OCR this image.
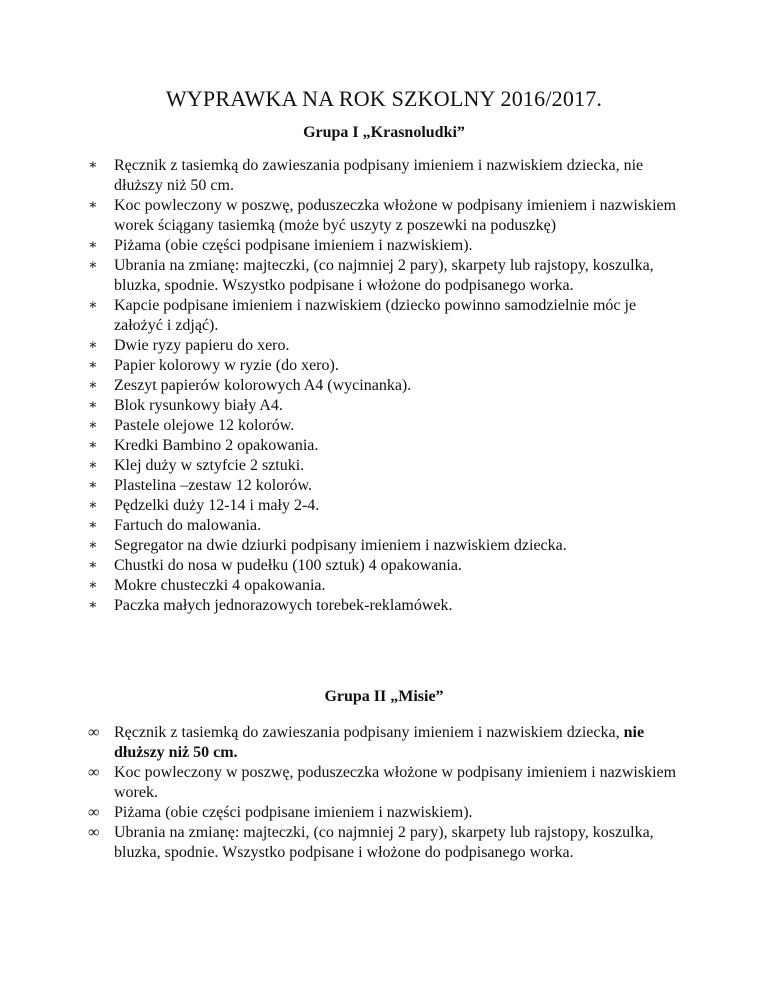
WYPRAWKA NA ROK SZKOLNY 2016/2017.
Grupa I „Krasnoludki”
∗	Ręcznik z tasiemką do zawieszania podpisany imieniem i nazwiskiem dziecka, nie dłuższy niż 50 cm.
∗	Koc powleczony w poszwę, poduszeczka włożone w podpisany imieniem i nazwiskiem worek ściągany tasiemką (może być uszyty z poszewki na poduszkę)
∗	Piżama (obie części podpisane imieniem i nazwiskiem).
∗	Ubrania na zmianę: majteczki, (co najmniej 2 pary), skarpety lub rajstopy, koszulka, bluzka, spodnie. Wszystko podpisane i włożone do podpisanego worka.
∗	Kapcie podpisane imieniem i nazwiskiem (dziecko powinno samodzielnie móc je założyć i zdjąć).
∗	Dwie ryzy papieru do xero.
∗	Papier kolorowy w ryzie (do xero).
∗	Zeszyt papierów kolorowych A4 (wycinanka).
∗	Blok rysunkowy biały A4.
∗	Pastele olejowe 12 kolorów.
∗	Kredki Bambino 2 opakowania.
∗	Klej duży w sztyfcie 2 sztuki.
∗	Plastelina –zestaw 12 kolorów.
∗	Pędzelki duży 12-14 i mały 2-4.
∗	Fartuch do malowania.
∗	Segregator na dwie dziurki podpisany imieniem i nazwiskiem dziecka.
∗	Chustki do nosa w pudełku (100 sztuk) 4 opakowania.
∗	Mokre chusteczki 4 opakowania.
∗	Paczka małych jednorazowych torebek-reklamówek.
Grupa II „Misie”
∞ Ręcznik z tasiemką do zawieszania podpisany imieniem i nazwiskiem dziecka, nie dłuższy niż 50 cm.
∞ Koc powleczony w poszwę, poduszeczka włożone w podpisany imieniem i nazwiskiem worek.
∞ Piżama (obie części podpisane imieniem i nazwiskiem).
∞ Ubrania na zmianę: majteczki, (co najmniej 2 pary), skarpety lub rajstopy, koszulka, bluzka, spodnie. Wszystko podpisane i włożone do podpisanego worka.
